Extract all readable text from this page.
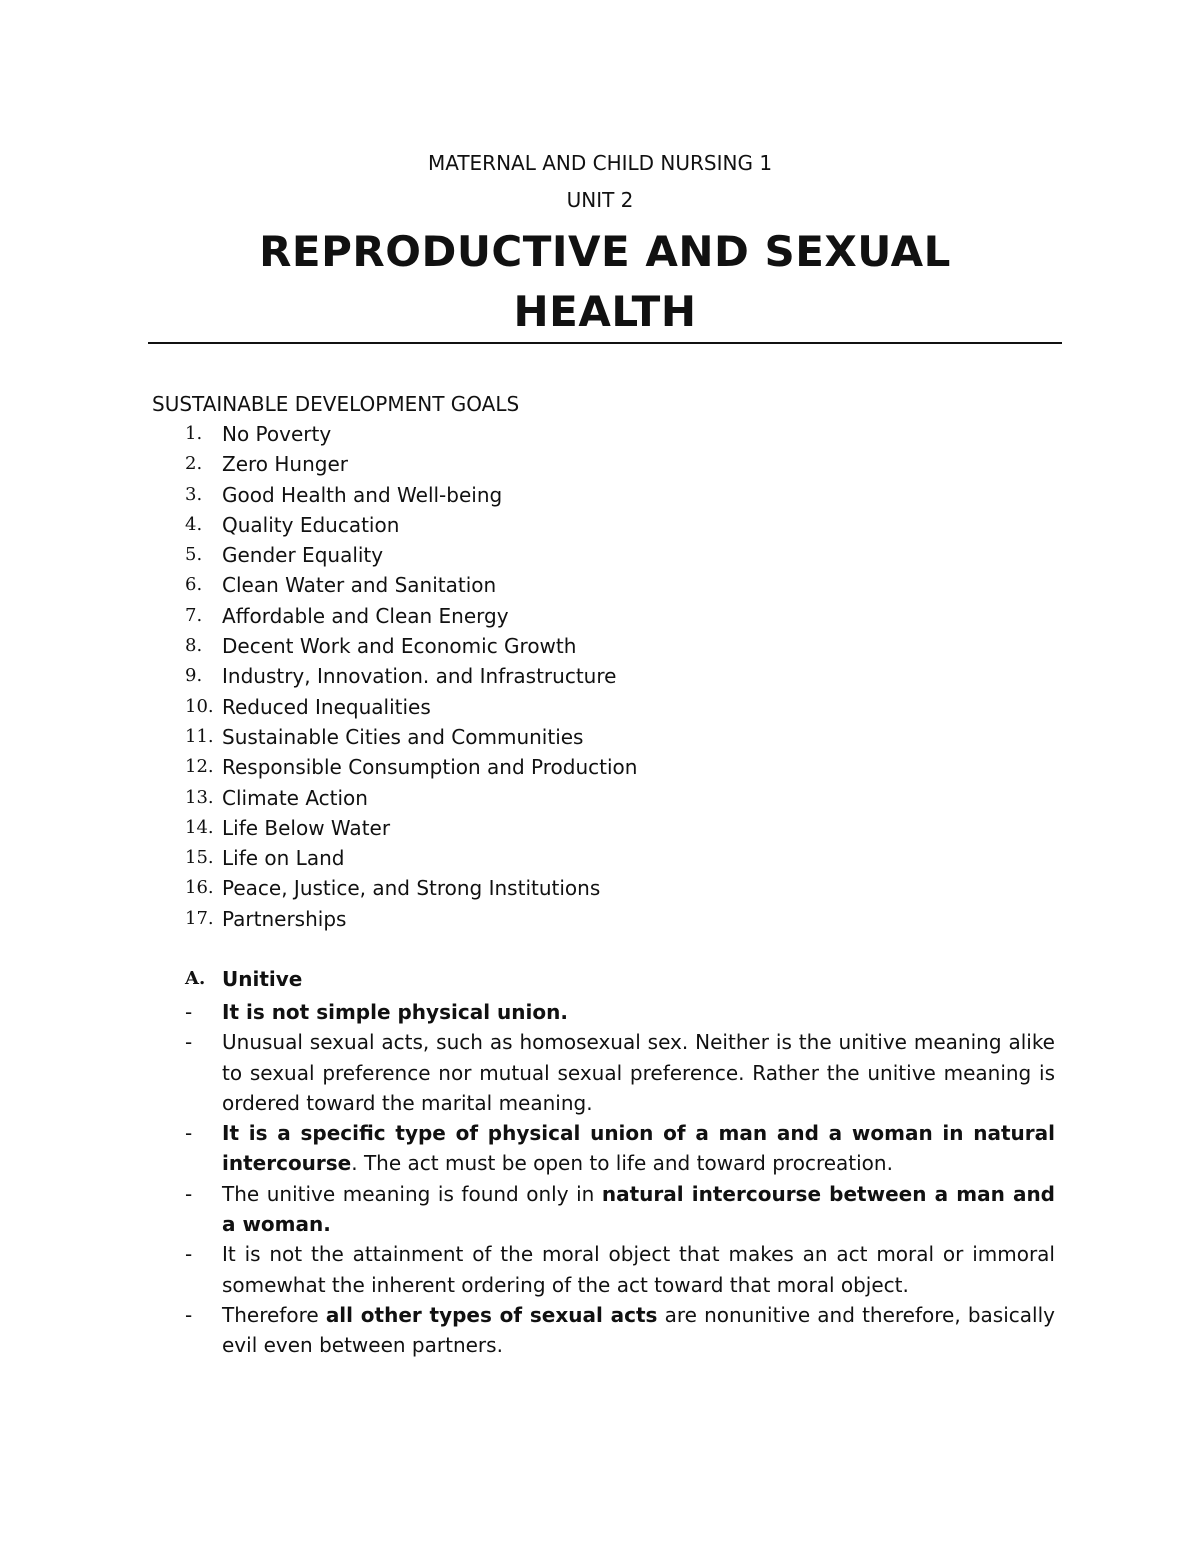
MATERNAL AND CHILD NURSING 1
UNIT 2
REPRODUCTIVE AND SEXUAL
HEALTH
SUSTAINABLE DEVELOPMENT GOALS
1. No Poverty
2. Zero Hunger
3. Good Health and Well-being
4. Quality Education
5. Gender Equality
6. Clean Water and Sanitation
7. Affordable and Clean Energy
8. Decent Work and Economic Growth
9. Industry, Innovation. and Infrastructure
10. Reduced Inequalities
11. Sustainable Cities and Communities
12. Responsible Consumption and Production
13. Climate Action
14. Life Below Water
15. Life on Land
16. Peace, Justice, and Strong Institutions
17. Partnerships
A. Unitive
-	It is not simple physical union.
-	Unusual sexual acts, such as homosexual sex. Neither is the unitive meaning alike to sexual preference nor mutual sexual preference. Rather the unitive meaning is ordered toward the marital meaning.
-	It is a specific type of physical union of a man and a woman in natural intercourse. The act must be open to life and toward procreation.
-	The unitive meaning is found only in natural intercourse between a man and a woman.
-	It is not the attainment of the moral object that makes an act moral or immoral somewhat the inherent ordering of the act toward that moral object.
-	Therefore all other types of sexual acts are nonunitive and therefore, basically evil even between partners.
